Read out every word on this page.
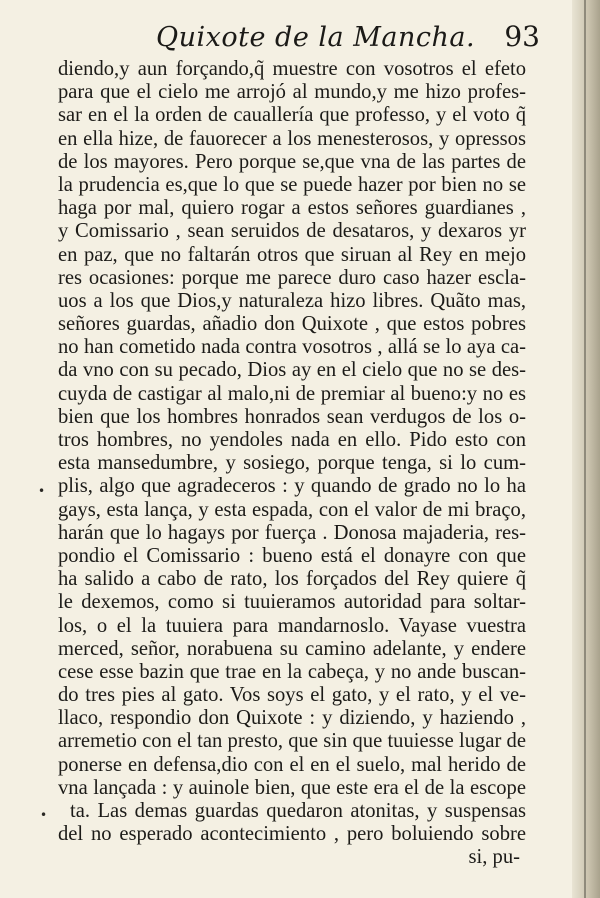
Quixote de la Mancha. 93
diendo,y aun forçando,q̃ muestre con vosotros el efeto
para que el cielo me arrojó al mundo,y me hizo profes-
sar en el la orden de cauallería que professo, y el voto q̃
en ella hize, de fauorecer a los menesterosos, y opressos
de los mayores. Pero porque se,que vna de las partes de
la prudencia es,que lo que se puede hazer por bien no se
haga por mal, quiero rogar a estos señores guardianes ,
y Comissario , sean seruidos de desataros, y dexaros yr
en paz, que no faltarán otros que siruan al Rey en mejo
res ocasiones: porque me parece duro caso hazer escla-
uos a los que Dios,y naturaleza hizo libres. Quãto mas,
señores guardas, añadio don Quixote , que estos pobres
no han cometido nada contra vosotros , allá se lo aya ca-
da vno con su pecado, Dios ay en el cielo que no se des-
cuyda de castigar al malo,ni de premiar al bueno:y no es
bien que los hombres honrados sean verdugos de los o-
tros hombres, no yendoles nada en ello. Pido esto con
esta mansedumbre, y sosiego, porque tenga, si lo cum-
plis, algo que agradeceros : y quando de grado no lo ha
gays, esta lança, y esta espada, con el valor de mi braço,
harán que lo hagays por fuerça . Donosa majaderia, res-
pondio el Comissario : bueno está el donayre con que
ha salido a cabo de rato, los forçados del Rey quiere q̃
le dexemos, como si tuuieramos autoridad para soltar-
los, o el la tuuiera para mandarnoslo. Vayase vuestra
merced, señor, norabuena su camino adelante, y endere
cese esse bazin que trae en la cabeça, y no ande buscan-
do tres pies al gato. Vos soys el gato, y el rato, y el ve-
llaco, respondio don Quixote : y diziendo, y haziendo ,
arremetio con el tan presto, que sin que tuuiesse lugar de
ponerse en defensa,dio con el en el suelo, mal herido de
vna lançada : y auinole bien, que este era el de la escope
ta. Las demas guardas quedaron atonitas, y suspensas
del no esperado acontecimiento , pero boluiendo sobre
si, pu-
•
•
